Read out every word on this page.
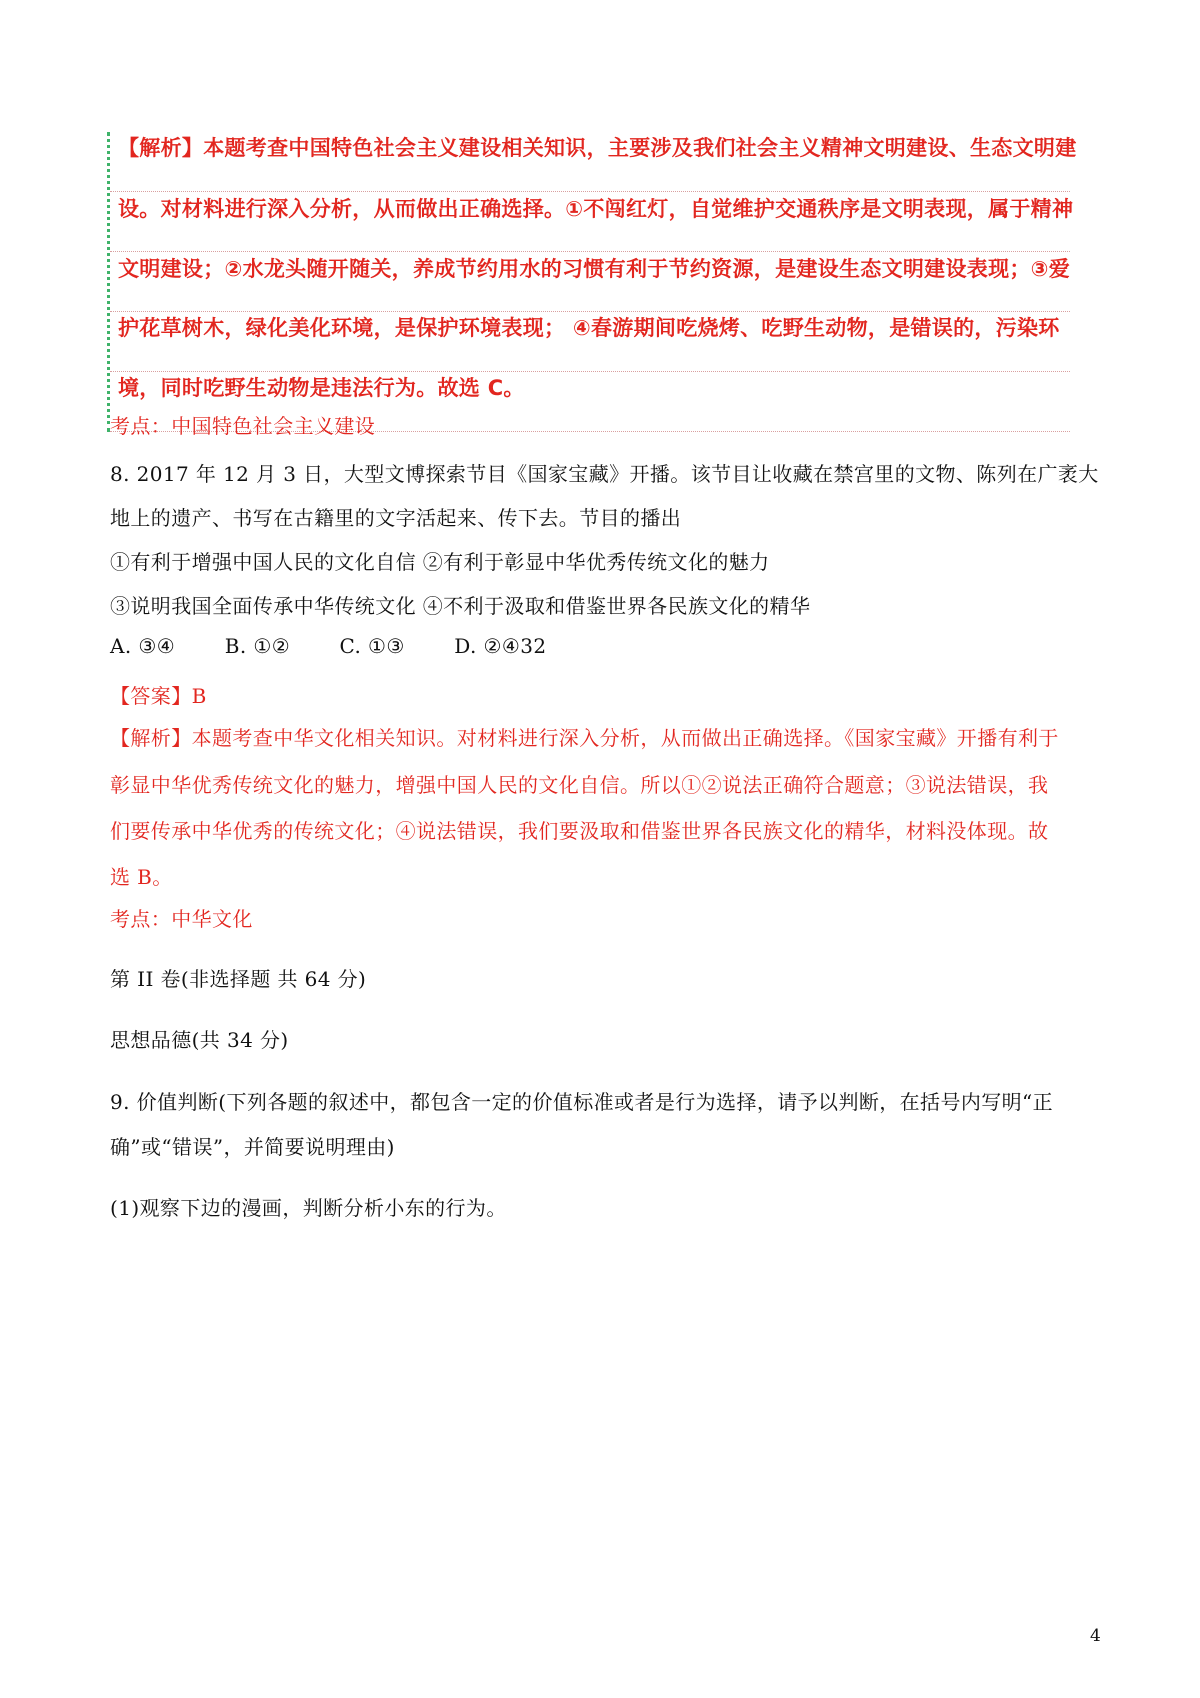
【解析】本题考查中国特色社会主义建设相关知识，主要涉及我们社会主义精神文明建设、生态文明建
设。对材料进行深入分析，从而做出正确选择。①不闯红灯，自觉维护交通秩序是文明表现，属于精神
文明建设；②水龙头随开随关，养成节约用水的习惯有利于节约资源，是建设生态文明建设表现；③爱
护花草树木，绿化美化环境，是保护环境表现； ④春游期间吃烧烤、吃野生动物，是错误的，污染环
境，同时吃野生动物是违法行为。故选 C。
考点：中国特色社会主义建设
8. 2017 年 12 月 3 日，大型文博探索节目《国家宝藏》开播。该节目让收藏在禁宫里的文物、陈列在广袤大
地上的遗产、书写在古籍里的文字活起来、传下去。节目的播出
①有利于增强中国人民的文化自信 ②有利于彰显中华优秀传统文化的魅力
③说明我国全面传承中华传统文化 ④不利于汲取和借鉴世界各民族文化的精华
A. ③④ B. ①② C. ①③ D. ②④32
【答案】B
【解析】本题考查中华文化相关知识。对材料进行深入分析，从而做出正确选择。《国家宝藏》开播有利于
彰显中华优秀传统文化的魅力，增强中国人民的文化自信。所以①②说法正确符合题意；③说法错误，我
们要传承中华优秀的传统文化；④说法错误，我们要汲取和借鉴世界各民族文化的精华，材料没体现。故
选 B。
考点：中华文化
第 II 卷(非选择题 共 64 分)
思想品德(共 34 分)
9. 价值判断(下列各题的叙述中，都包含一定的价值标准或者是行为选择，请予以判断，在括号内写明“正
确”或“错误”，并简要说明理由)
(1)观察下边的漫画，判断分析小东的行为。
4
